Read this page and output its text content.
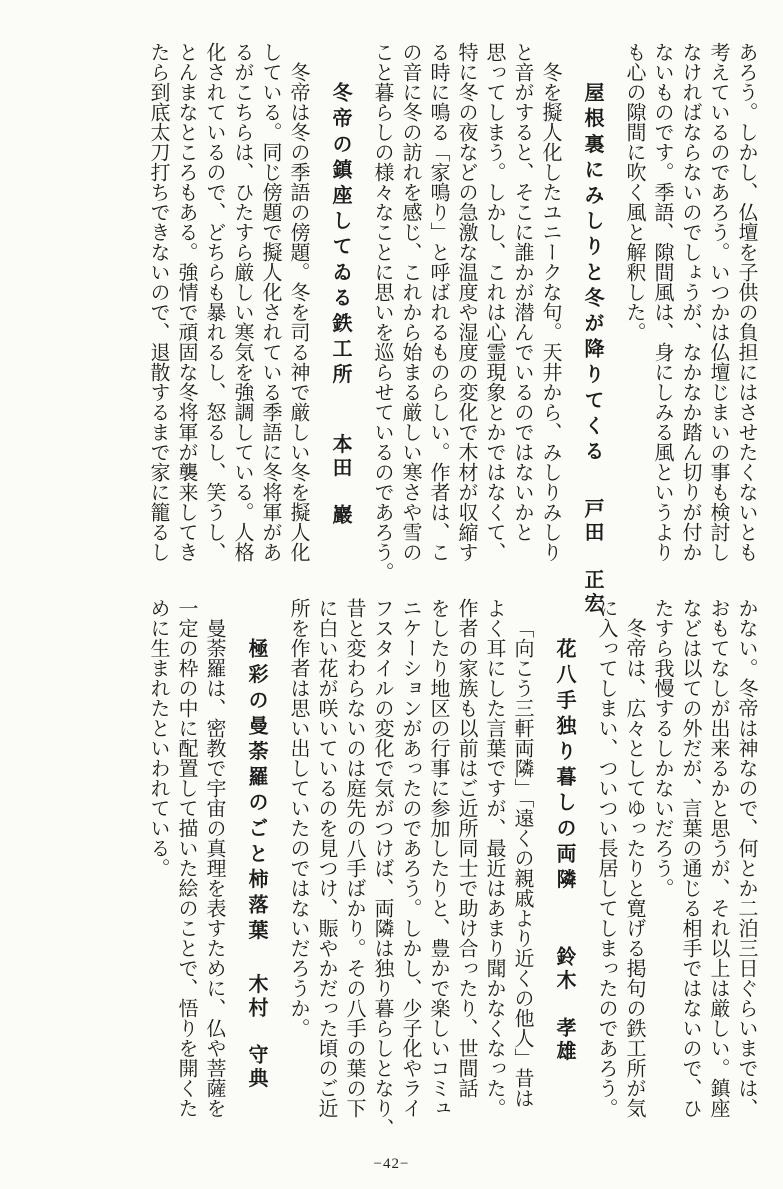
あろう。しかし、仏壇を子供の負担にはさせたくないとも
考えているのであろう。いつかは仏壇じまいの事も検討し
なければならないのでしょうが、なかなか踏ん切りが付か
ないものです。季語、隙間風は、身にしみる風というより
も心の隙間に吹く風と解釈した。
屋根裏にみしりと冬が降りてくる戸田　正宏
冬を擬人化したユニークな句。天井から、みしりみしり
と音がすると、そこに誰かが潜んでいるのではないかと
思ってしまう。しかし、これは心霊現象とかではなくて、
特に冬の夜などの急激な温度や湿度の変化で木材が収縮す
る時に鳴る「家鳴り」と呼ばれるものらしい。作者は、こ
の音に冬の訪れを感じ、これから始まる厳しい寒さや雪の
こと暮らしの様々なことに思いを巡らせているのであろう。
冬帝の鎮座してゐる鉄工所本田　巖
冬帝は冬の季語の傍題。冬を司る神で厳しい冬を擬人化
している。同じ傍題で擬人化されている季語に冬将軍があ
るがこちらは、ひたすら厳しい寒気を強調している。人格
化されているので、どちらも暴れるし、怒るし、笑うし、
とんまなところもある。強情で頑固な冬将軍が襲来してき
たら到底太刀打ちできないので、退散するまで家に籠るし
かない。冬帝は神なので、何とか二泊三日ぐらいまでは、
おもてなしが出来るかと思うが、それ以上は厳しい。鎮座
などは以ての外だが、言葉の通じる相手ではないので、ひ
たすら我慢するしかないだろう。
冬帝は、広々としてゆったりと寛げる掲句の鉄工所が気
に入ってしまい、ついつい長居してしまったのであろう。
花八手独り暮しの両隣鈴木　孝雄
「向こう三軒両隣」「遠くの親戚より近くの他人」昔は
よく耳にした言葉ですが、最近はあまり聞かなくなった。
作者の家族も以前はご近所同士で助け合ったり、世間話
をしたり地区の行事に参加したりと、豊かで楽しいコミュ
ニケーションがあったのであろう。しかし、少子化やライ
フスタイルの変化で気がつけば、両隣は独り暮らしとなり、
昔と変わらないのは庭先の八手ばかり。その八手の葉の下
に白い花が咲いているのを見つけ、賑やかだった頃のご近
所を作者は思い出していたのではないだろうか。
極彩の曼荼羅のごと柿落葉木村　守典
曼荼羅は、密教で宇宙の真理を表すために、仏や菩薩を
一定の枠の中に配置して描いた絵のことで、悟りを開くた
めに生まれたといわれている。
−42−
